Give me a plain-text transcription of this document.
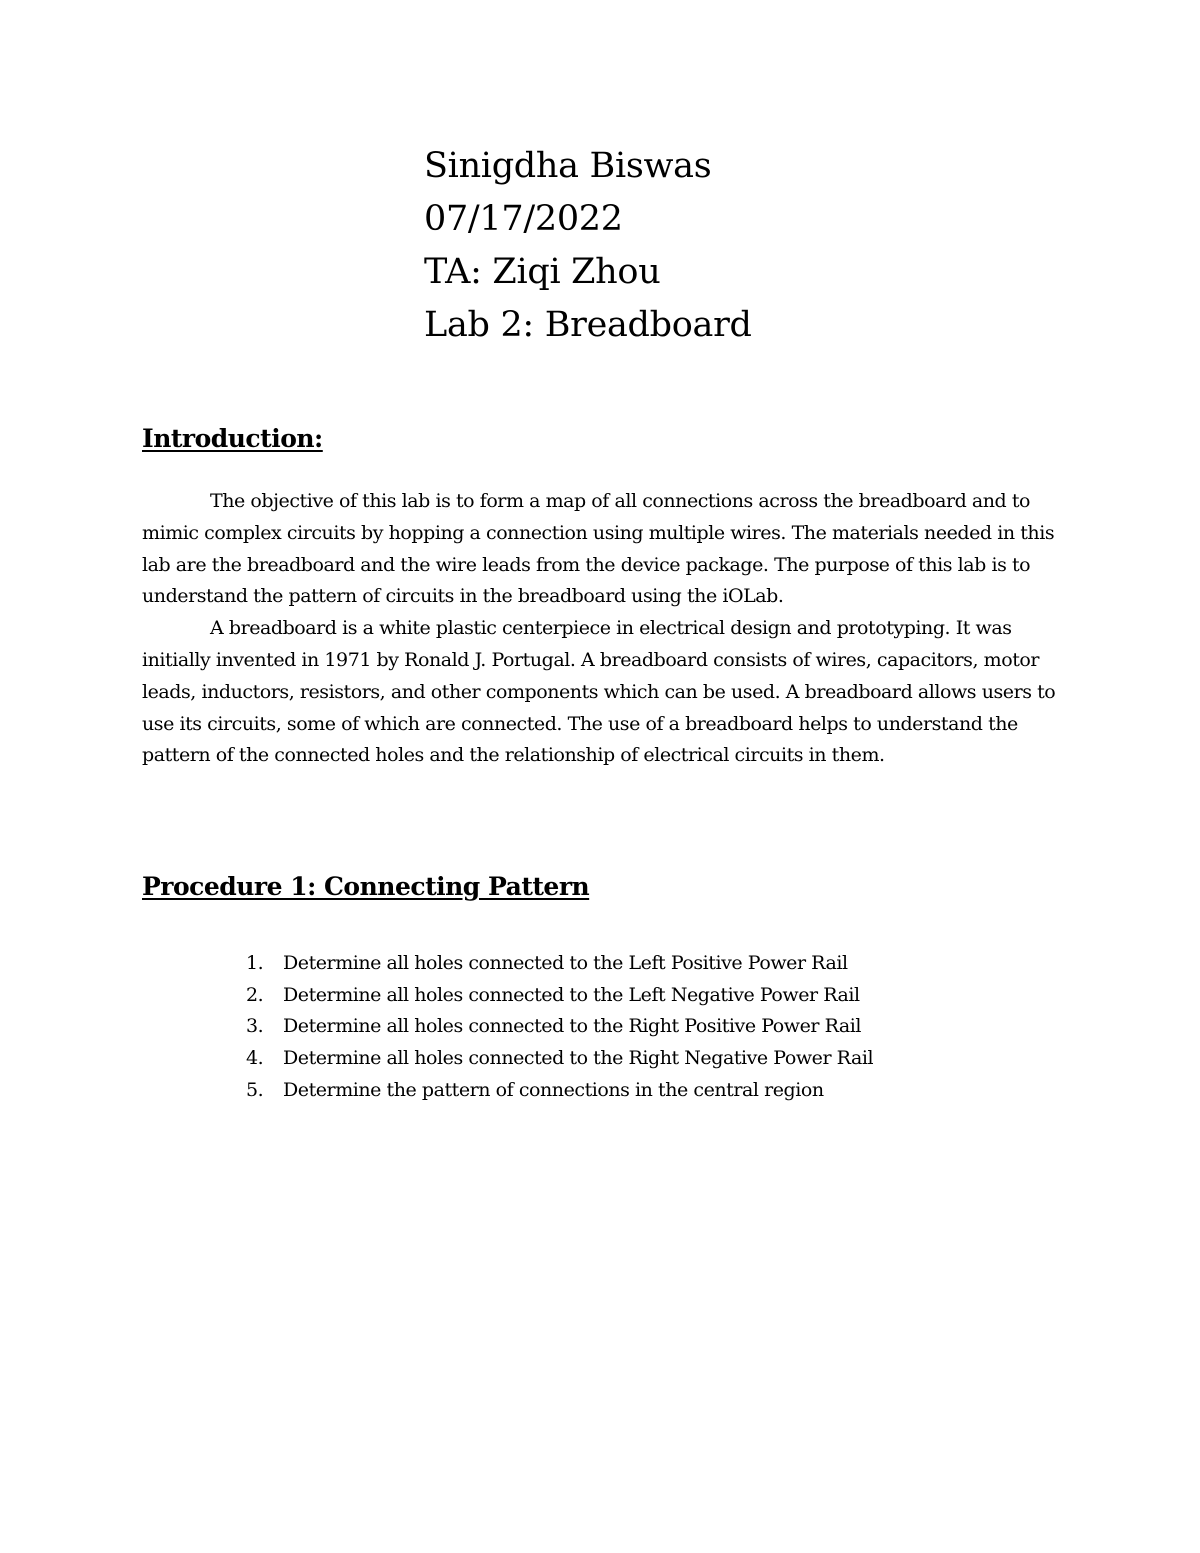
Sinigdha Biswas
07/17/2022
TA: Ziqi Zhou
Lab 2: Breadboard
Introduction:

The objective of this lab is to form a map of all connections across the breadboard and to mimic complex circuits by hopping a connection using multiple wires. The materials needed in this lab are the breadboard and the wire leads from the device package. The purpose of this lab is to understand the pattern of circuits in the breadboard using the iOLab.

A breadboard is a white plastic centerpiece in electrical design and prototyping. It was initially invented in 1971 by Ronald J. Portugal. A breadboard consists of wires, capacitors, motor leads, inductors, resistors, and other components which can be used. A breadboard allows users to use its circuits, some of which are connected. The use of a breadboard helps to understand the pattern of the connected holes and the relationship of electrical circuits in them.

Procedure 1: Connecting Pattern
1. Determine all holes connected to the Left Positive Power Rail
2. Determine all holes connected to the Left Negative Power Rail
3. Determine all holes connected to the Right Positive Power Rail
4. Determine all holes connected to the Right Negative Power Rail
5. Determine the pattern of connections in the central region
